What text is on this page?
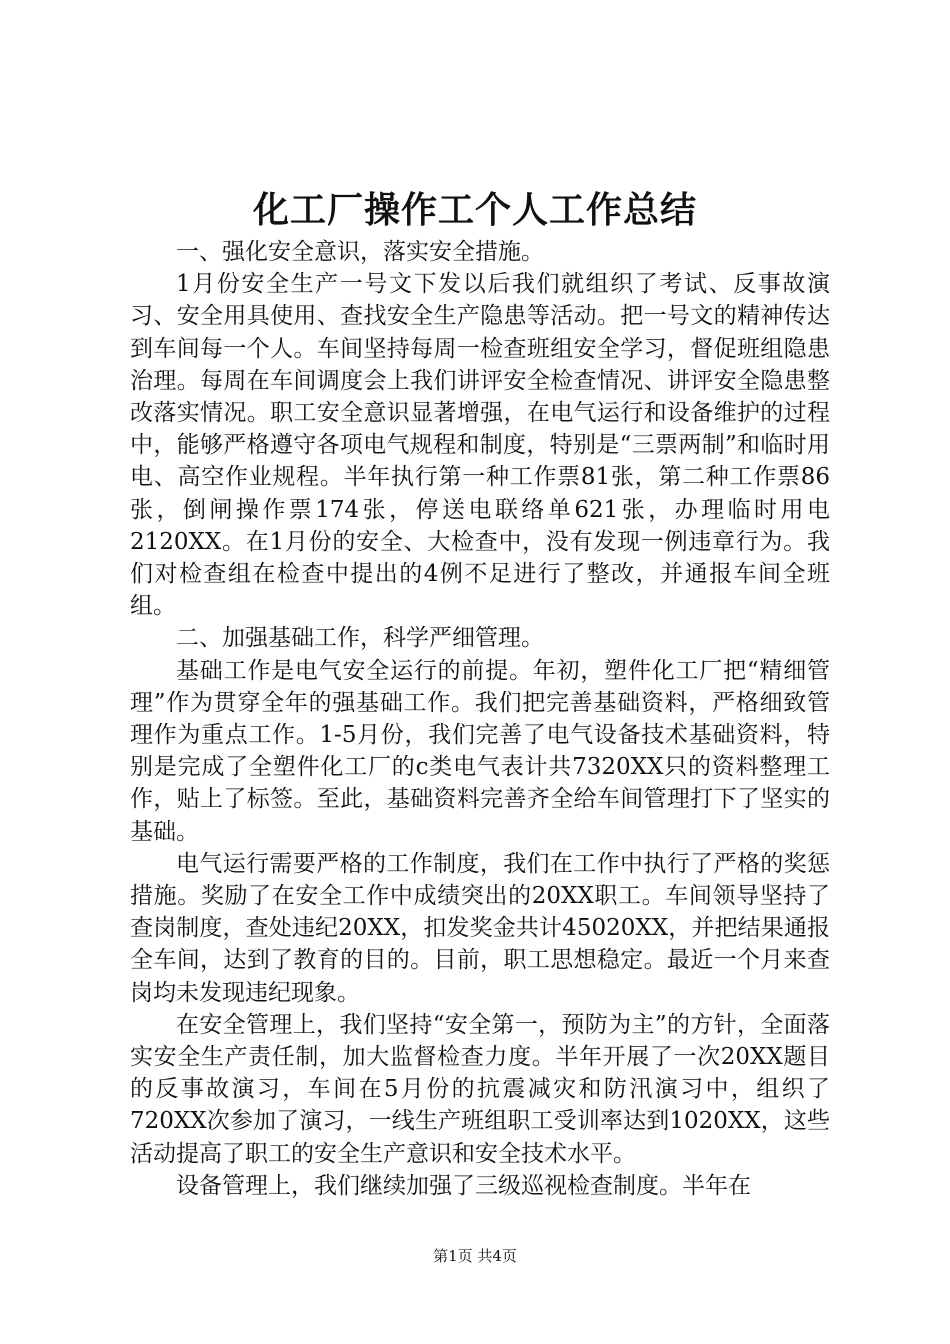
化工厂操作工个人工作总结

一、强化安全意识，落实安全措施。

1月份安全生产一号文下发以后我们就组织了考试、反事故演习、安全用具使用、查找安全生产隐患等活动。把一号文的精神传达到车间每一个人。车间坚持每周一检查班组安全学习，督促班组隐患治理。每周在车间调度会上我们讲评安全检查情况、讲评安全隐患整改落实情况。职工安全意识显著增强，在电气运行和设备维护的过程中，能够严格遵守各项电气规程和制度，特别是“三票两制”和临时用电、高空作业规程。半年执行第一种工作票81张，第二种工作票86张，倒闸操作票174张，停送电联络单621张，办理临时用电2120XX。在1月份的安全、大检查中，没有发现一例违章行为。我们对检查组在检查中提出的4例不足进行了整改，并通报车间全班组。

二、加强基础工作，科学严细管理。

基础工作是电气安全运行的前提。年初，塑件化工厂把“精细管理”作为贯穿全年的强基础工作。我们把完善基础资料，严格细致管理作为重点工作。1-5月份，我们完善了电气设备技术基础资料，特别是完成了全塑件化工厂的c类电气表计共7320XX只的资料整理工作，贴上了标签。至此，基础资料完善齐全给车间管理打下了坚实的基础。

电气运行需要严格的工作制度，我们在工作中执行了严格的奖惩措施。奖励了在安全工作中成绩突出的20XX职工。车间领导坚持了查岗制度，查处违纪20XX，扣发奖金共计45020XX，并把结果通报全车间，达到了教育的目的。目前，职工思想稳定。最近一个月来查岗均未发现违纪现象。

在安全管理上，我们坚持“安全第一，预防为主”的方针，全面落实安全生产责任制，加大监督检查力度。半年开展了一次20XX题目的反事故演习，车间在5月份的抗震减灾和防汛演习中，组织了720XX次参加了演习，一线生产班组职工受训率达到1020XX，这些活动提高了职工的安全生产意识和安全技术水平。

设备管理上，我们继续加强了三级巡视检查制度。半年在

第1页 共4页
